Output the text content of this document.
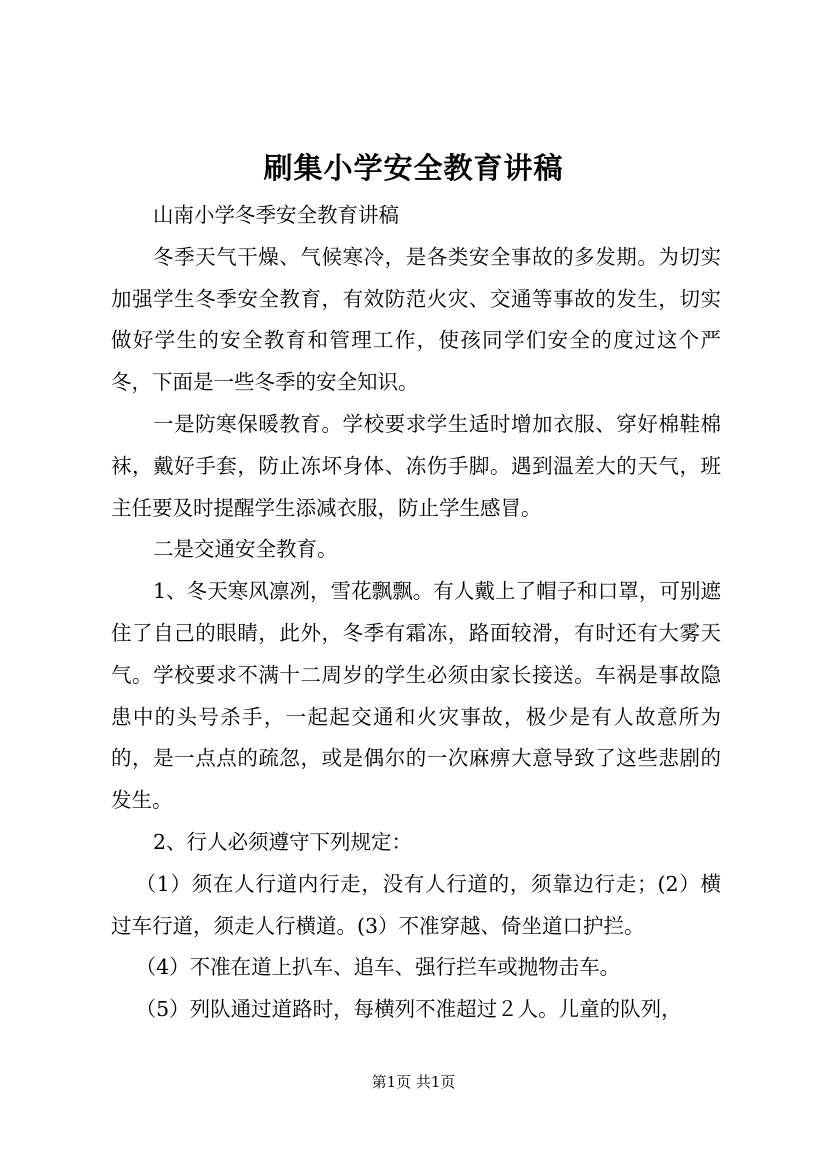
刷集小学安全教育讲稿

山南小学冬季安全教育讲稿

冬季天气干燥、气候寒冷，是各类安全事故的多发期。为切实加强学生冬季安全教育，有效防范火灾、交通等事故的发生，切实做好学生的安全教育和管理工作，使孩同学们安全的度过这个严冬，下面是一些冬季的安全知识。

一是防寒保暖教育。学校要求学生适时增加衣服、穿好棉鞋棉袜，戴好手套，防止冻坏身体、冻伤手脚。遇到温差大的天气，班主任要及时提醒学生添减衣服，防止学生感冒。

二是交通安全教育。

1、冬天寒风凛冽，雪花飘飘。有人戴上了帽子和口罩，可别遮住了自己的眼睛，此外，冬季有霜冻，路面较滑，有时还有大雾天气。学校要求不满十二周岁的学生必须由家长接送。车祸是事故隐患中的头号杀手，一起起交通和火灾事故，极少是有人故意所为的，是一点点的疏忽，或是偶尔的一次麻痹大意导致了这些悲剧的发生。

2、行人必须遵守下列规定：

（1）须在人行道内行走，没有人行道的，须靠边行走；(2）横过车行道，须走人行横道。(3）不准穿越、倚坐道口护拦。

（4）不准在道上扒车、追车、强行拦车或抛物击车。

（5）列队通过道路时，每横列不准超过２人。儿童的队列，

第1页 共1页
